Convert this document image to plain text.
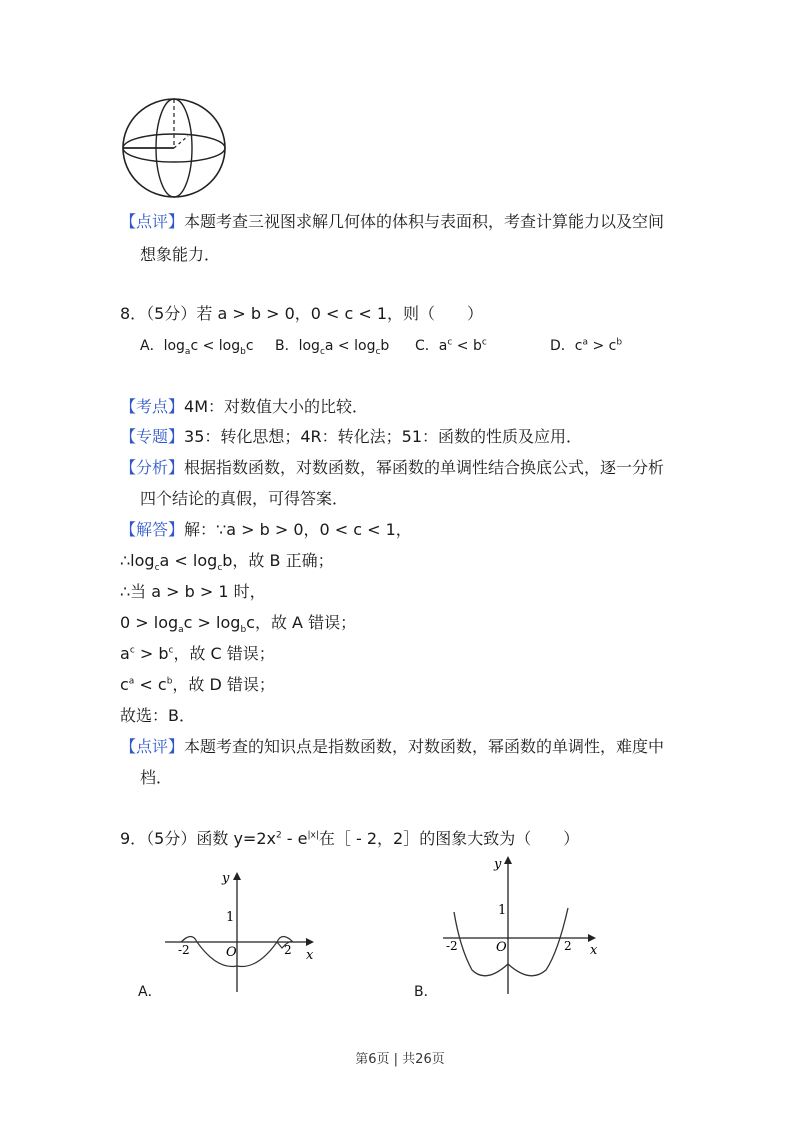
【点评】本题考查三视图求解几何体的体积与表面积，考查计算能力以及空间
想象能力．
8．（5分）若 a > b > 0，0 < c < 1，则（　　）
A．$\log_ac < \log_bc$ B．$\log_ca < \log_cb$ C．$a^c < b^c$	D．$c^a > c^b$
【考点】4M：对数值大小的比较．
【专题】35：转化思想；4R：转化法；51：函数的性质及应用．
【分析】根据指数函数，对数函数，幂函数的单调性结合换底公式，逐一分析
四个结论的真假，可得答案．
【解答】解：∵a > b > 0，0 < c < 1，
$\therefore\log_ca < \log_cb$，故 B 正确；
∴当 a > b > 1 时，
$0 > \log_ac > \log_bc$，故 A 错误；
$a^c > b^c$，故 C 错误；
$c^a < c^b$，故 D 错误；
故选：B．
【点评】本题考查的知识点是指数函数，对数函数，幂函数的单调性，难度中
档．
9．（5分）函数 $y=2x^2 - e^{|x|}$在［ - 2，2］的图象大致为（　　）
y
x
1
O
-2	2
A．
y
x
1
O
-2	2
B．
第6页 | 共26页
